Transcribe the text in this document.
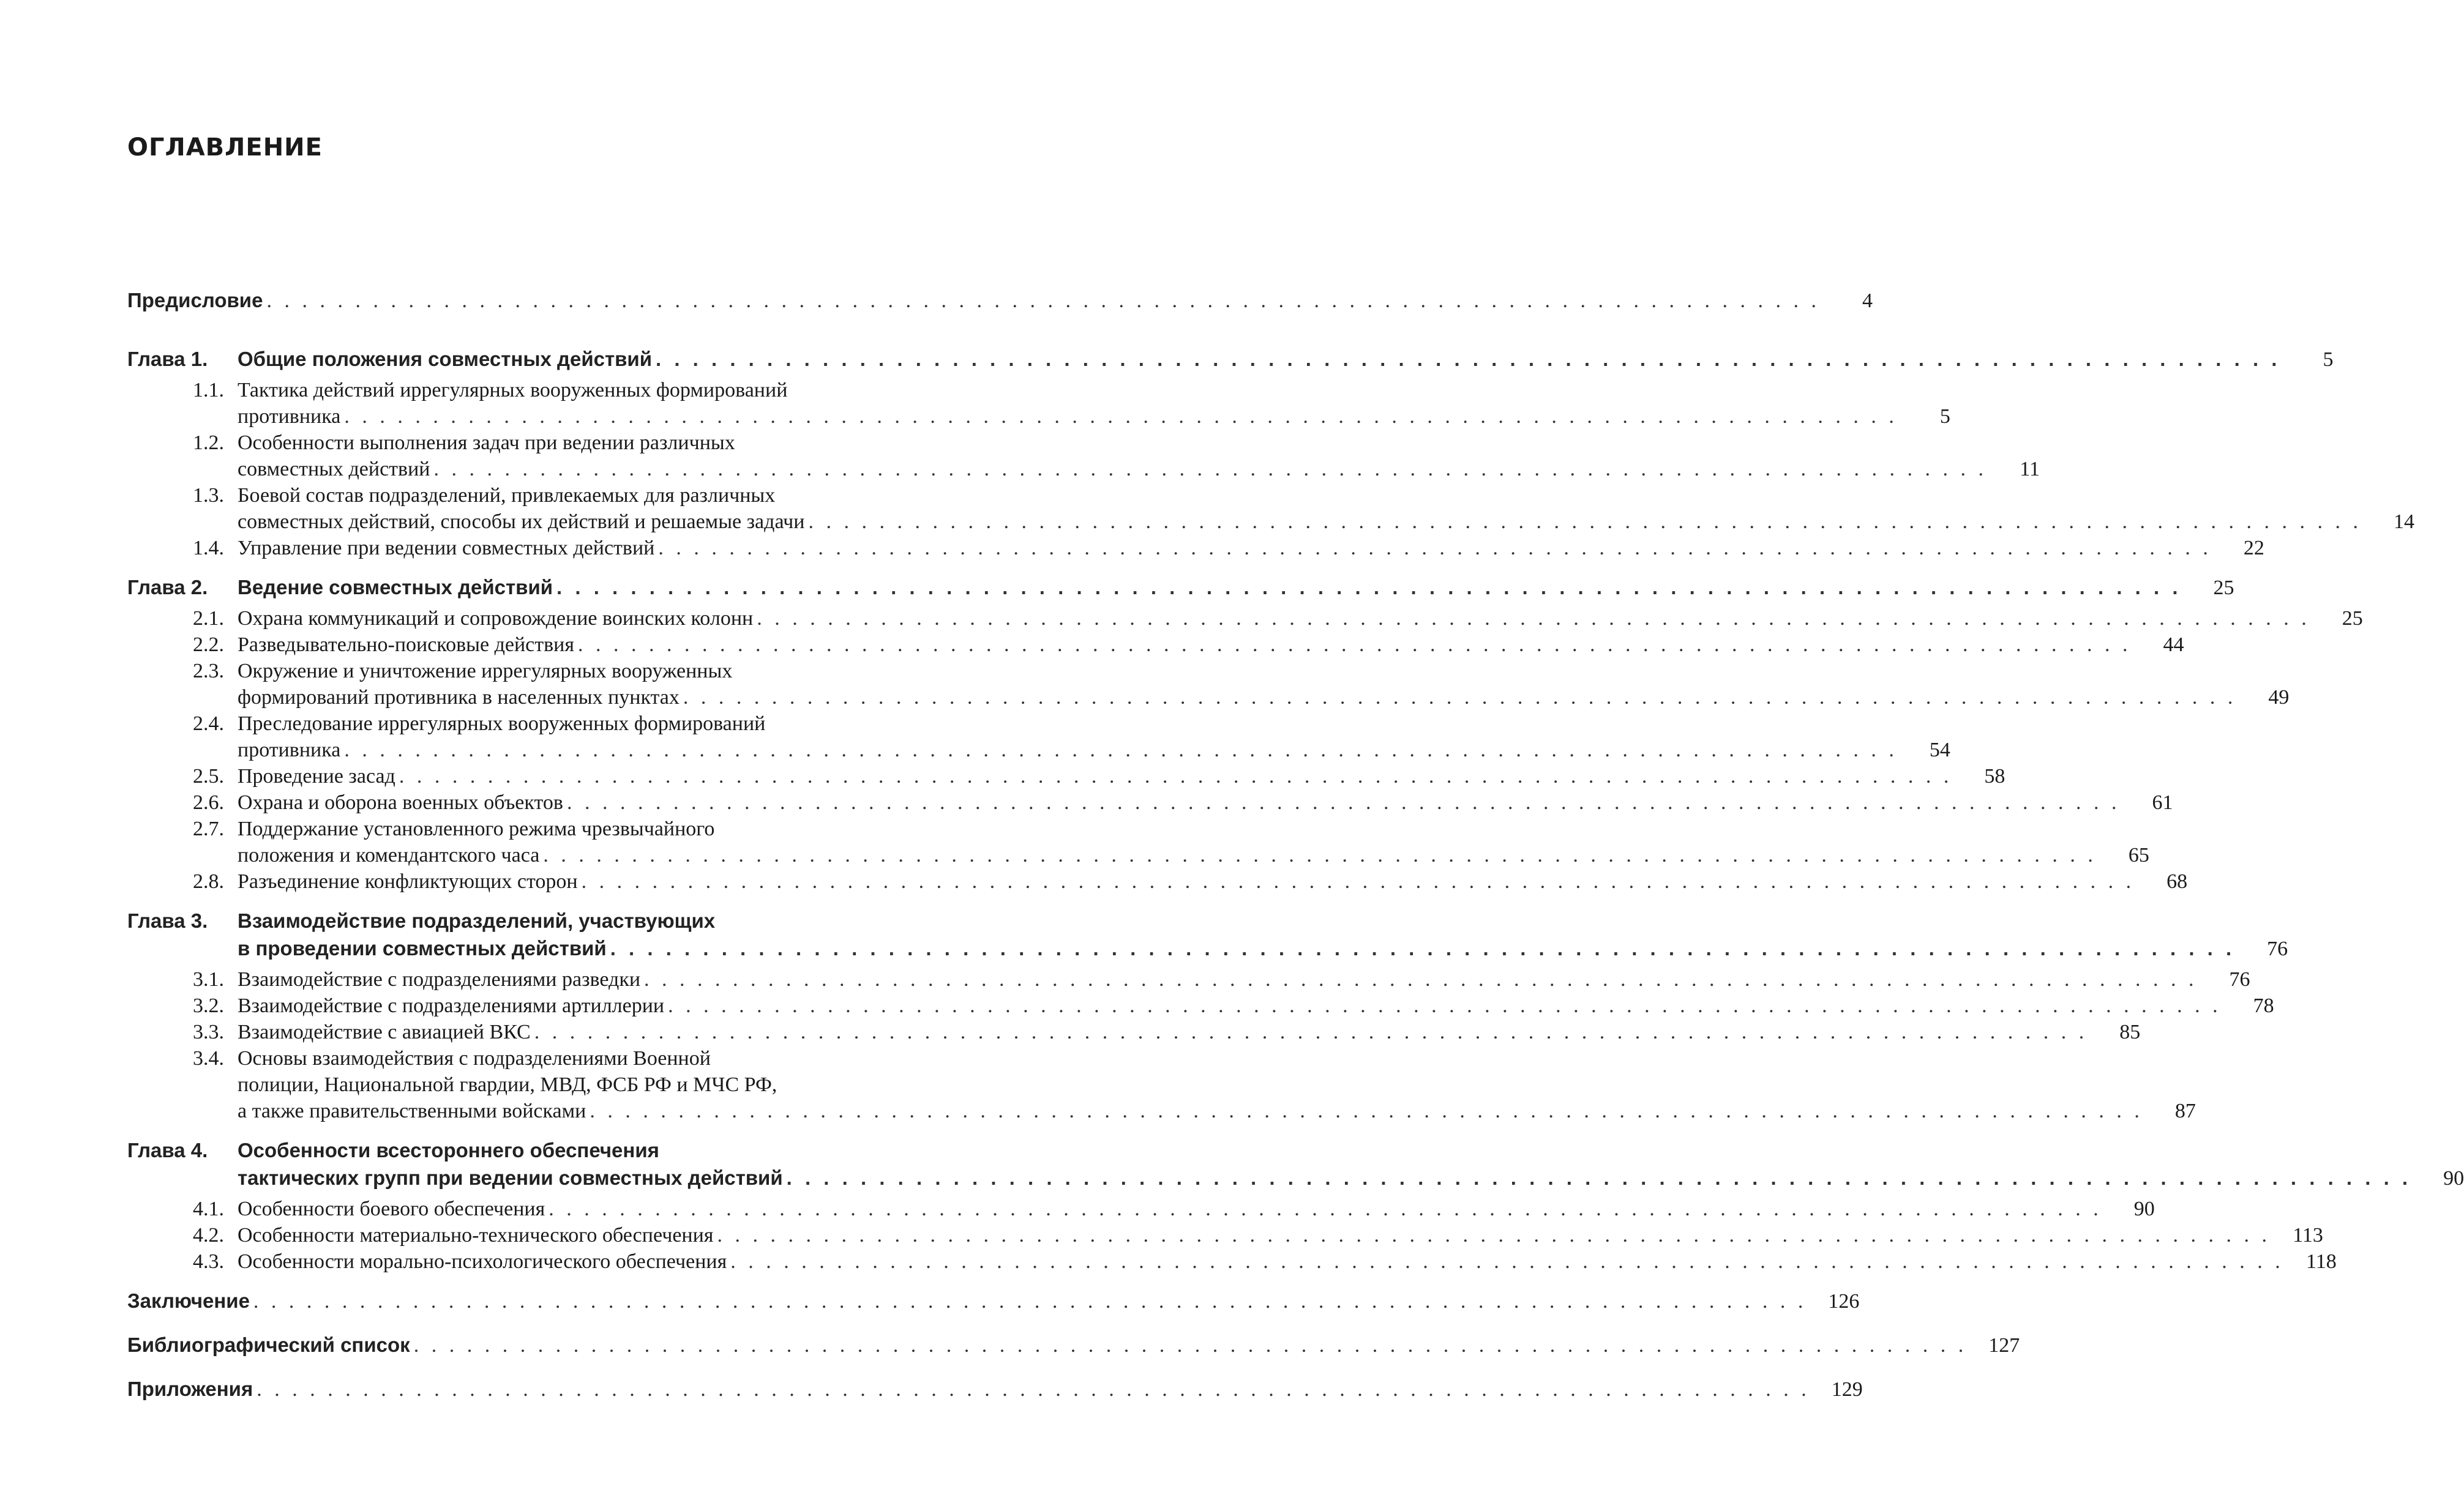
ОГЛАВЛЕНИЕ
Предисловие . . .	4
Глава 1.	Общие положения совместных действий . . .	5
1.1. Тактика действий иррегулярных вооруженных формирований
противника . . .	5
1.2. Особенности выполнения задач при ведении различных
совместных действий . . .	11
1.3. Боевой состав подразделений, привлекаемых для различных
совместных действий, способы их действий и решаемые задачи . . .	14
1.4. Управление при ведении совместных действий . . .	22
Глава 2.	Ведение совместных действий . . .	25
2.1. Охрана коммуникаций и сопровождение воинских колонн . . .	25
2.2. Разведывательно-поисковые действия . . .	44
2.3. Окружение и уничтожение иррегулярных вооруженных
формирований противника в населенных пунктах . . .	49
2.4. Преследование иррегулярных вооруженных формирований
противника . . .	54
2.5. Проведение засад . . .	58
2.6. Охрана и оборона военных объектов . . .	61
2.7. Поддержание установленного режима чрезвычайного
положения и комендантского часа . . .	65
2.8. Разъединение конфликтующих сторон . . .	68
Глава 3.	Взаимодействие подразделений, участвующих
в проведении совместных действий . . .	76
3.1. Взаимодействие с подразделениями разведки . . .	76
3.2. Взаимодействие с подразделениями артиллерии . . .	78
3.3. Взаимодействие с авиацией ВКС . . .	85
3.4. Основы взаимодействия с подразделениями Военной
полиции, Национальной гвардии, МВД, ФСБ РФ и МЧС РФ,
а также правительственными войсками . . .	87
Глава 4.	Особенности всестороннего обеспечения
тактических групп при ведении совместных действий . . .	90
4.1. Особенности боевого обеспечения . . .	90
4.2. Особенности материально-технического обеспечения . . .	113
4.3. Особенности морально-психологического обеспечения . . .	118
Заключение . . .	126
Библиографический список . . .	127
Приложения . . .	129
